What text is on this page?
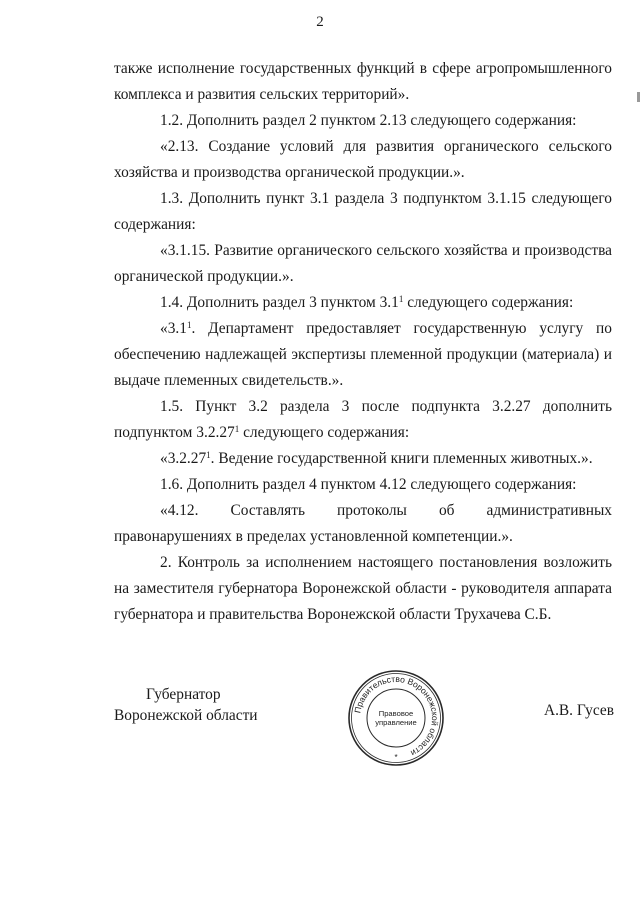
2

также исполнение государственных функций в сфере агропромышленного комплекса и развития сельских территорий».

1.2. Дополнить раздел 2 пунктом 2.13 следующего содержания:

«2.13. Создание условий для развития органического сельского хозяйства и производства органической продукции.».

1.3. Дополнить пункт 3.1 раздела 3 подпунктом 3.1.15 следующего содержания:

«3.1.15. Развитие органического сельского хозяйства и производства органической продукции.».

1.4. Дополнить раздел 3 пунктом $3.1^1$ следующего содержания:

«$3.1^1$. Департамент предоставляет государственную услугу по обеспечению надлежащей экспертизы племенной продукции (материала) и выдаче племенных свидетельств.».

1.5. Пункт 3.2 раздела 3 после подпункта 3.2.27 дополнить подпунктом 3.2.27$^1$ следующего содержания:

«3.2.27$^1$. Ведение государственной книги племенных животных.».

1.6. Дополнить раздел 4 пунктом 4.12 следующего содержания:

«4.12. Составлять протоколы об административных правонарушениях в пределах установленной компетенции.».

2. Контроль за исполнением настоящего постановления возложить на заместителя губернатора Воронежской области - руководителя аппарата губернатора и правительства Воронежской области Трухачева С.Б.

Губернатор
Воронежской области	Правительство Воронежской области
Правовое
управление
*
А.В. Гусев
